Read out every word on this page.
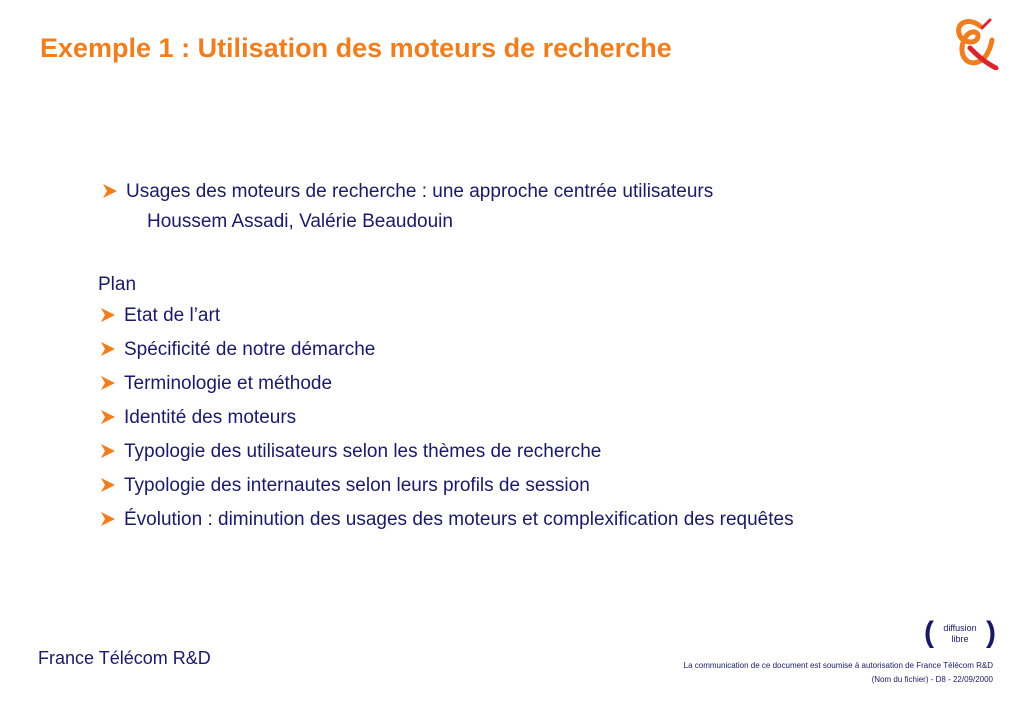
Exemple 1 : Utilisation des moteurs de recherche
Usages des moteurs de recherche : une approche centrée utilisateurs
Houssem Assadi, Valérie Beaudouin
Plan
Etat de l’art
Spécificité de notre démarche
Terminologie et méthode
Identité des moteurs
Typologie des utilisateurs selon les thèmes de recherche
Typologie des internautes selon leurs profils de session
Évolution : diminution des usages des moteurs et complexification des requêtes
France Télécom R&D
( diffusion
libre )
La communication de ce document est soumise à autorisation de France Télécom R&D
(Nom du fichier) - D8 - 22/09/2000
